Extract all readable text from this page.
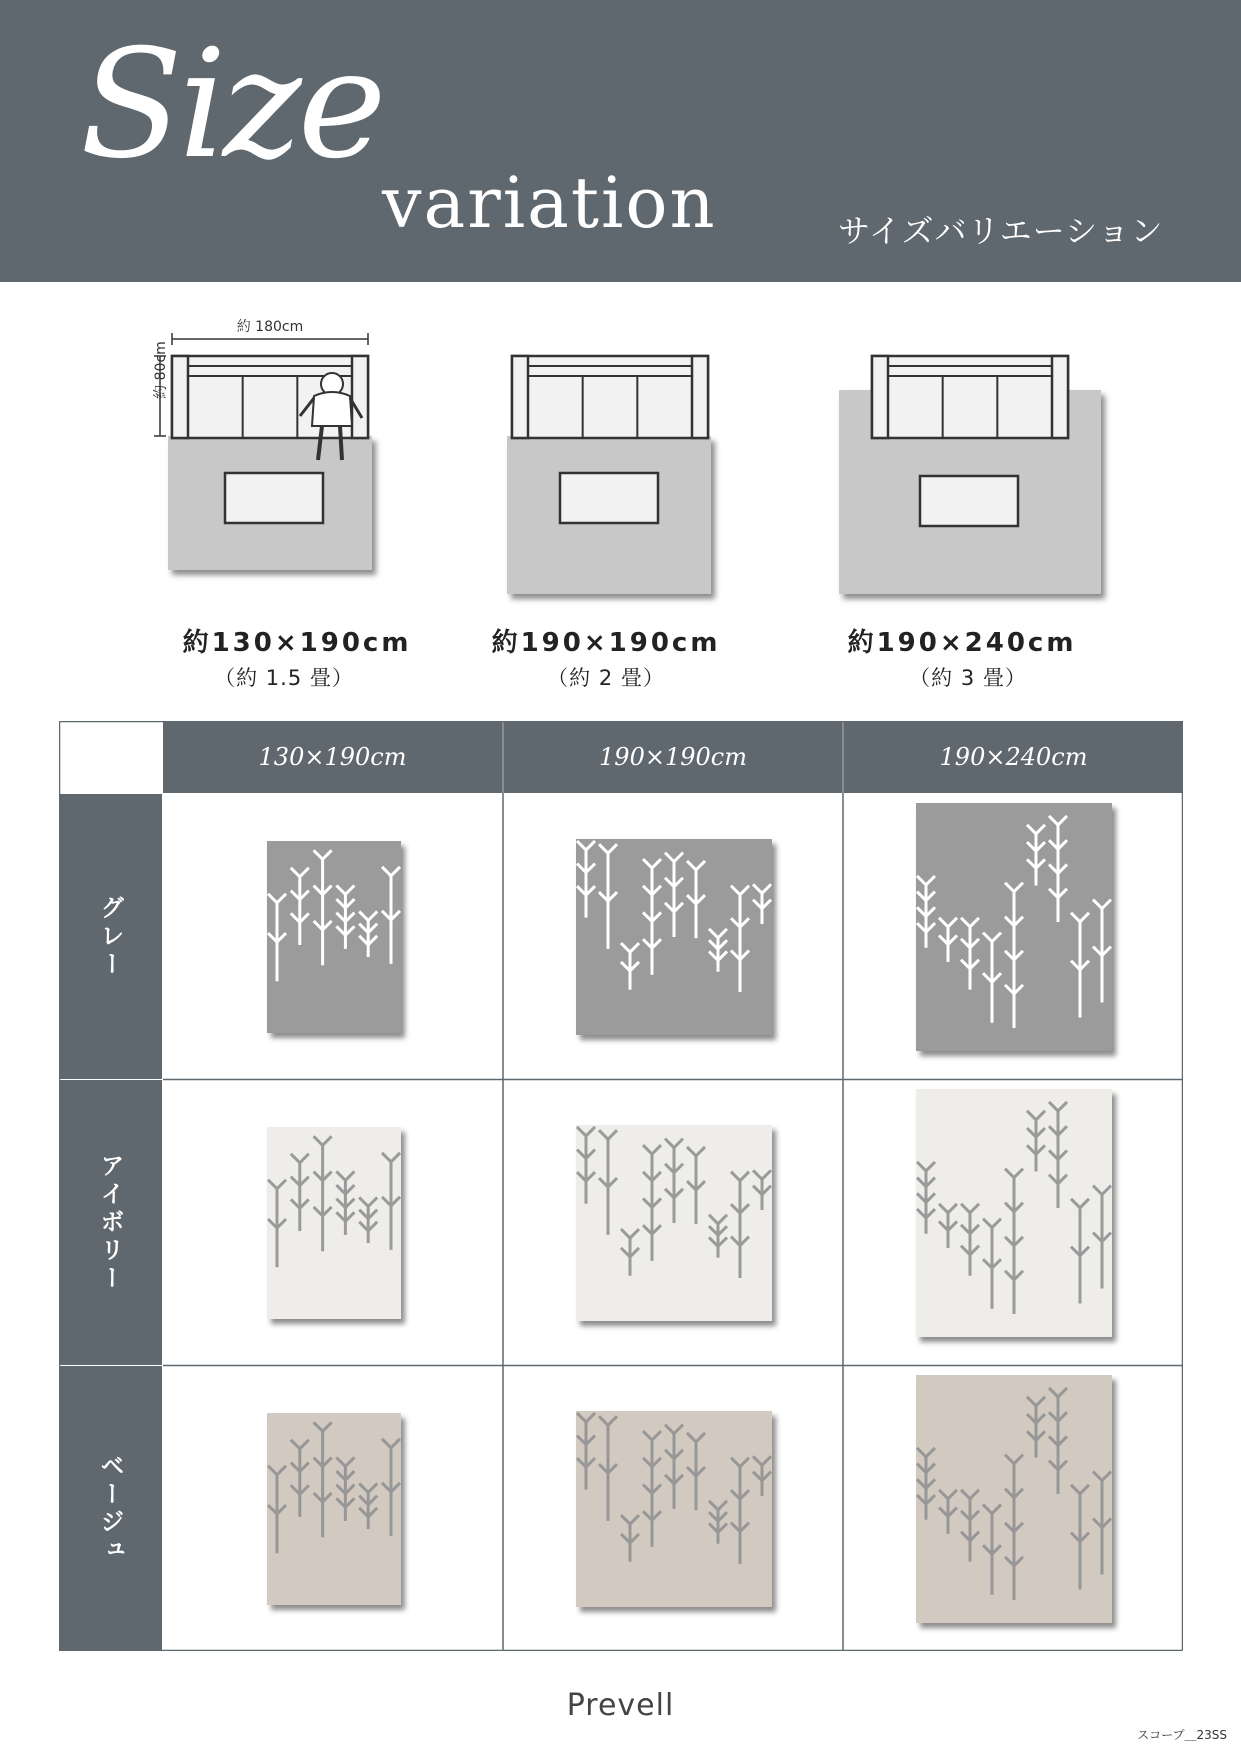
Size
variation	サイズバリエーション
約 180cm
約 80cm
約130×190cm
（約 1.5 畳）
約190×190cm
（約 2 畳）
約190×240cm
（約 3 畳）
130×190cm	190×190cm	190×240cm
グレー
アイボリー
ベージュ
Prevell
スコープ＿23SS
